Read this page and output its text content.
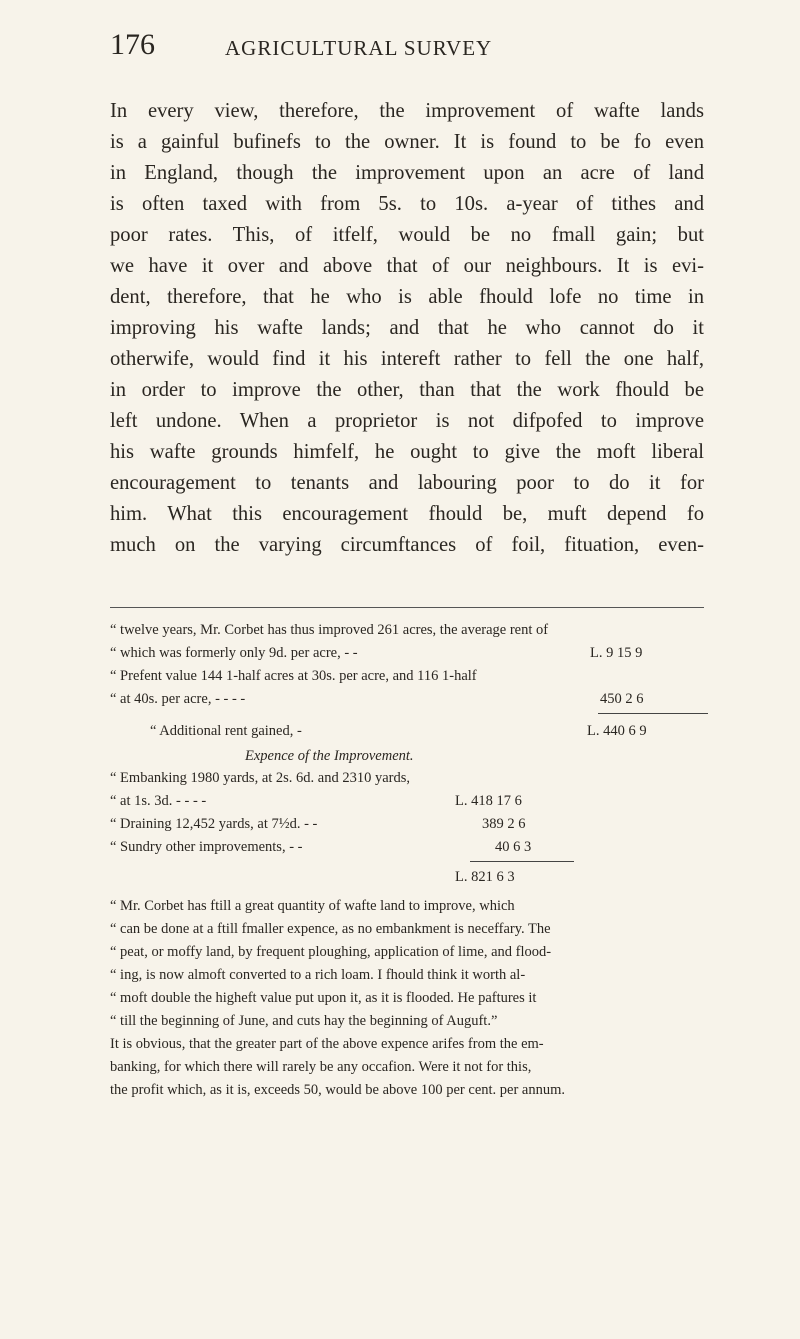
176	AGRICULTURAL SURVEY

In every view, therefore, the improvement of wafte lands
is a gainful bufinefs to the owner. It is found to be fo even
in England, though the improvement upon an acre of land
is often taxed with from 5s. to 10s. a-year of tithes and
poor rates. This, of itfelf, would be no fmall gain; but
we have it over and above that of our neighbours. It is evi-
dent, therefore, that he who is able fhould lofe no time in
improving his wafte lands; and that he who cannot do it
otherwife, would find it his intereft rather to fell the one half,
in order to improve the other, than that the work fhould be
left undone. When a proprietor is not difpofed to improve
his wafte grounds himfelf, he ought to give the moft liberal
encouragement to tenants and labouring poor to do it for
him. What this encouragement fhould be, muft depend fo
much on the varying circumftances of foil, fituation, even-

“ twelve years, Mr. Corbet has thus improved 261 acres, the average rent of
“ which was formerly only 9d. per acre, - -	L. 9 15 9
“ Prefent value 144 1-half acres at 30s. per acre, and 116 1-half
“ at 40s. per acre, - - - -	450 2 6
“ Additional rent gained, -	L. 440 6 9
Expence of the Improvement.
“ Embanking 1980 yards, at 2s. 6d. and 2310 yards,
“ at 1s. 3d. - - - -	L. 418 17 6
“ Draining 12,452 yards, at 7½d. - -	389 2 6
“ Sundry other improvements, - -	40 6 3
L. 821 6 3
“ Mr. Corbet has ftill a great quantity of wafte land to improve, which
“ can be done at a ftill fmaller expence, as no embankment is neceffary. The
“ peat, or moffy land, by frequent ploughing, application of lime, and flood-
“ ing, is now almoft converted to a rich loam. I fhould think it worth al-
“ moft double the higheft value put upon it, as it is flooded. He paftures it
“ till the beginning of June, and cuts hay the beginning of Auguft.”
It is obvious, that the greater part of the above expence arifes from the em-
banking, for which there will rarely be any occafion. Were it not for this,
the profit which, as it is, exceeds 50, would be above 100 per cent. per annum.
